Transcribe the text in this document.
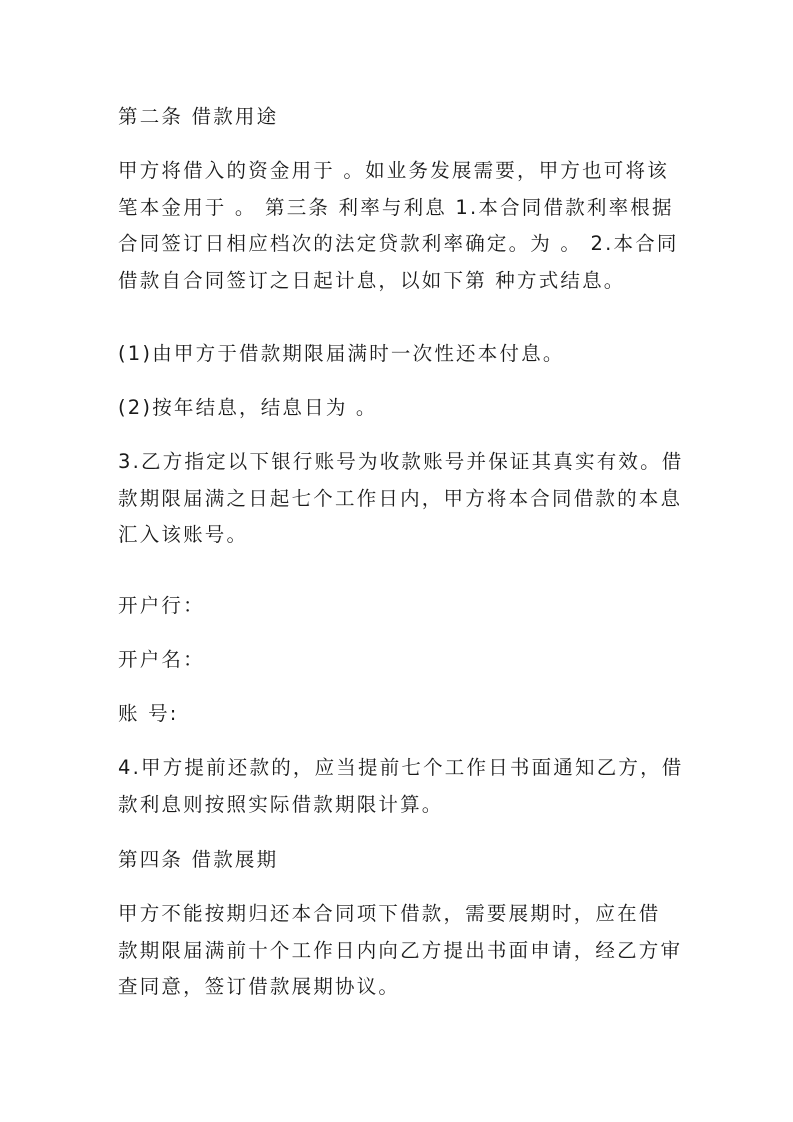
第二条 借款用途

甲方将借入的资金用于 。如业务发展需要，甲方也可将该
笔本金用于 。 第三条 利率与利息 1.本合同借款利率根据
合同签订日相应档次的法定贷款利率确定。为 。 2.本合同
借款自合同签订之日起计息，以如下第 种方式结息。

(1)由甲方于借款期限届满时一次性还本付息。

(2)按年结息，结息日为 。

3.乙方指定以下银行账号为收款账号并保证其真实有效。借
款期限届满之日起七个工作日内，甲方将本合同借款的本息
汇入该账号。

开户行：

开户名：

账 号:

4.甲方提前还款的，应当提前七个工作日书面通知乙方，借
款利息则按照实际借款期限计算。

第四条 借款展期

甲方不能按期归还本合同项下借款，需要展期时，应在借
款期限届满前十个工作日内向乙方提出书面申请，经乙方审
查同意，签订借款展期协议。
